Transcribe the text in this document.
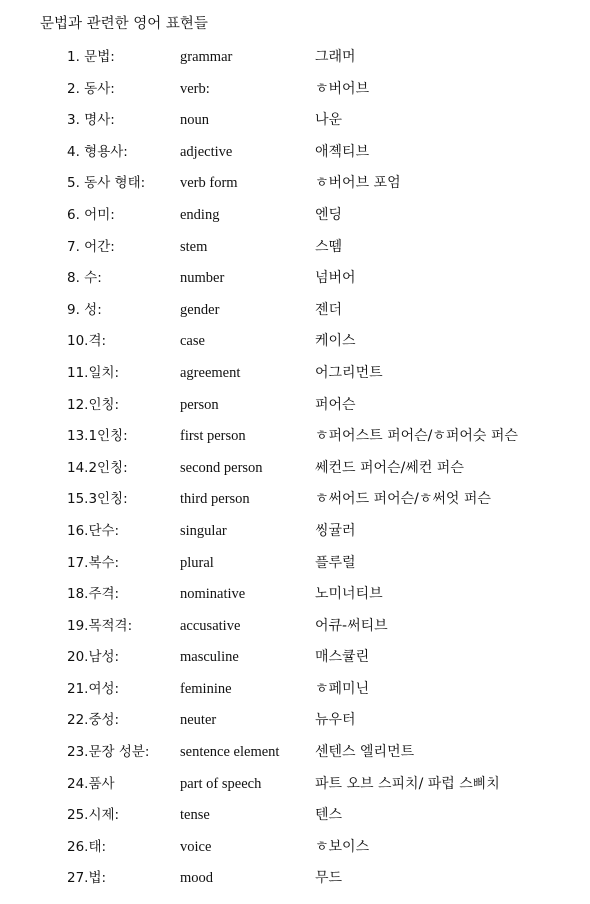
문법과 관련한 영어 표현들
1. 문법:	grammar	그래머
2. 동사:	verb:	ㅎ버어브
3. 명사:	noun	나운
4. 형용사:	adjective	애졕티브
5. 동사 형태: verb form	ㅎ버어브 포엄
6. 어미:	ending	엔딩
7. 어간:	stem	스뗌
8. 수:	number	넘버어
9. 성:	gender	젠더
10.격:	case	케이스
11.일치:	agreement	어그리먼트
12.인칭:	person	퍼어슨
13.1인칭:	first person	ㅎ퍼어스트 퍼어슨/ㅎ퍼어슷 퍼슨
14.2인칭:	second person	쎄컨드 퍼어슨/쎄컨 퍼슨
15.3인칭:	third person	ㅎ써어드 퍼어슨/ㅎ써엇 퍼슨
16.단수:	singular	씽귤러
17.복수:	plural	플루럴
18.주격:	nominative	노미너티브
19.목적격:	accusative	어큐-써티브
20.남성:	masculine	매스큘린
21.여성:	feminine	ㅎ페미닌
22.중성:	neuter	뉴우터
23.문장 성분: sentence element	센텐스 엘리먼트
24.품사	part of speech	파트 오브 스피치/ 파럽 스삐치
25.시제:	tense	텐스
26.태:	voice	ㅎ보이스
27.법:	mood	무드
